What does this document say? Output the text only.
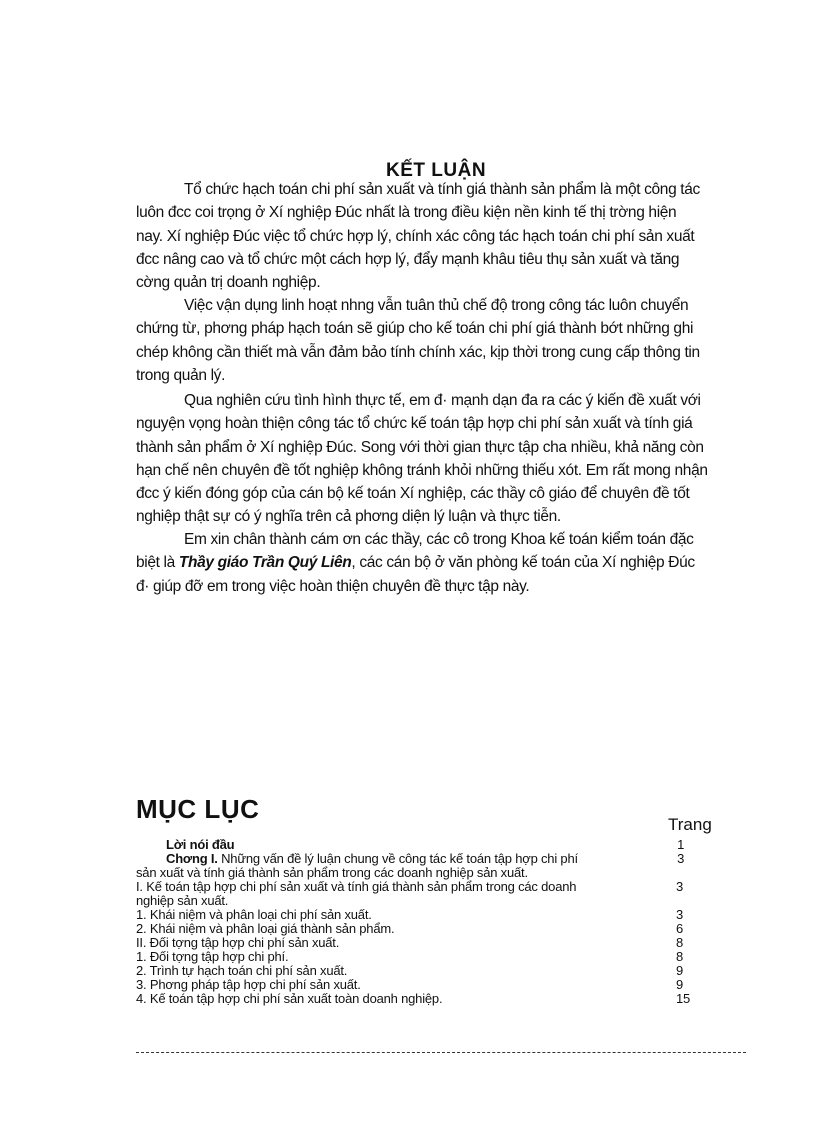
KẾT LUẬN

Tổ chức hạch toán chi phí sản xuất và tính giá thành sản phẩm là một công tác
luôn đcc coi trọng ở Xí nghiệp Đúc nhất là trong điều kiện nền kinh tế thị trờng hiện
nay. Xí nghiệp Đúc việc tổ chức hợp lý, chính xác công tác hạch toán chi phí sản xuất
đcc nâng cao và tổ chức một cách hợp lý, đẩy mạnh khâu tiêu thụ sản xuất và tăng
cờng quản trị doanh nghiệp.

Việc vận dụng linh hoạt nhng vẫn tuân thủ chế độ trong công tác luôn chuyển
chứng từ, phơng pháp hạch toán sẽ giúp cho kế toán chi phí giá thành bớt những ghi
chép không cần thiết mà vẫn đảm bảo tính chính xác, kịp thời trong cung cấp thông tin
trong quản lý.

Qua nghiên cứu tình hình thực tế, em đ· mạnh dạn đa ra các ý kiến đề xuất với
nguyện vọng hoàn thiện công tác tổ chức kế toán tập hợp chi phí sản xuất và tính giá
thành sản phẩm ở Xí nghiệp Đúc. Song với thời gian thực tập cha nhiều, khả năng còn
hạn chế nên chuyên đề tốt nghiệp không tránh khỏi những thiếu xót. Em rất mong nhận
đcc ý kiến đóng góp của cán bộ kế toán Xí nghiệp, các thầy cô giáo để chuyên đề tốt
nghiệp thật sự có ý nghĩa trên cả phơng diện lý luận và thực tiễn.

Em xin chân thành cám ơn các thầy, các cô trong Khoa kế toán kiểm toán đặc
biệt là Thầy giáo Trần Quý Liên, các cán bộ ở văn phòng kế toán của Xí nghiệp Đúc
đ· giúp đỡ em trong việc hoàn thiện chuyên đề thực tập này.

MỤC LỤC
Trang
Lời nói đầu	1
Chơng I. Những vấn đề lý luận chung về công tác kế toán tập hợp chi phí	3
sản xuất và tính giá thành sản phẩm trong các doanh nghiệp sản xuất.
I. Kế toán tập hợp chi phí sản xuất và tính giá thành sản phẩm trong các doanh	3
nghiệp sản xuất.
1. Khái niệm và phân loại chi phí sản xuất.	3
2. Khái niệm và phân loại giá thành sản phẩm.	6
II. Đối tợng tập hợp chi phí sản xuất.	8
1. Đối tợng tập hợp chi phí.	8
2. Trình tự hạch toán chi phí sản xuất.	9
3. Phơng pháp tập hợp chi phí sản xuất.	9
4. Kế toán tập hợp chi phí sản xuất toàn doanh nghiệp.	15
